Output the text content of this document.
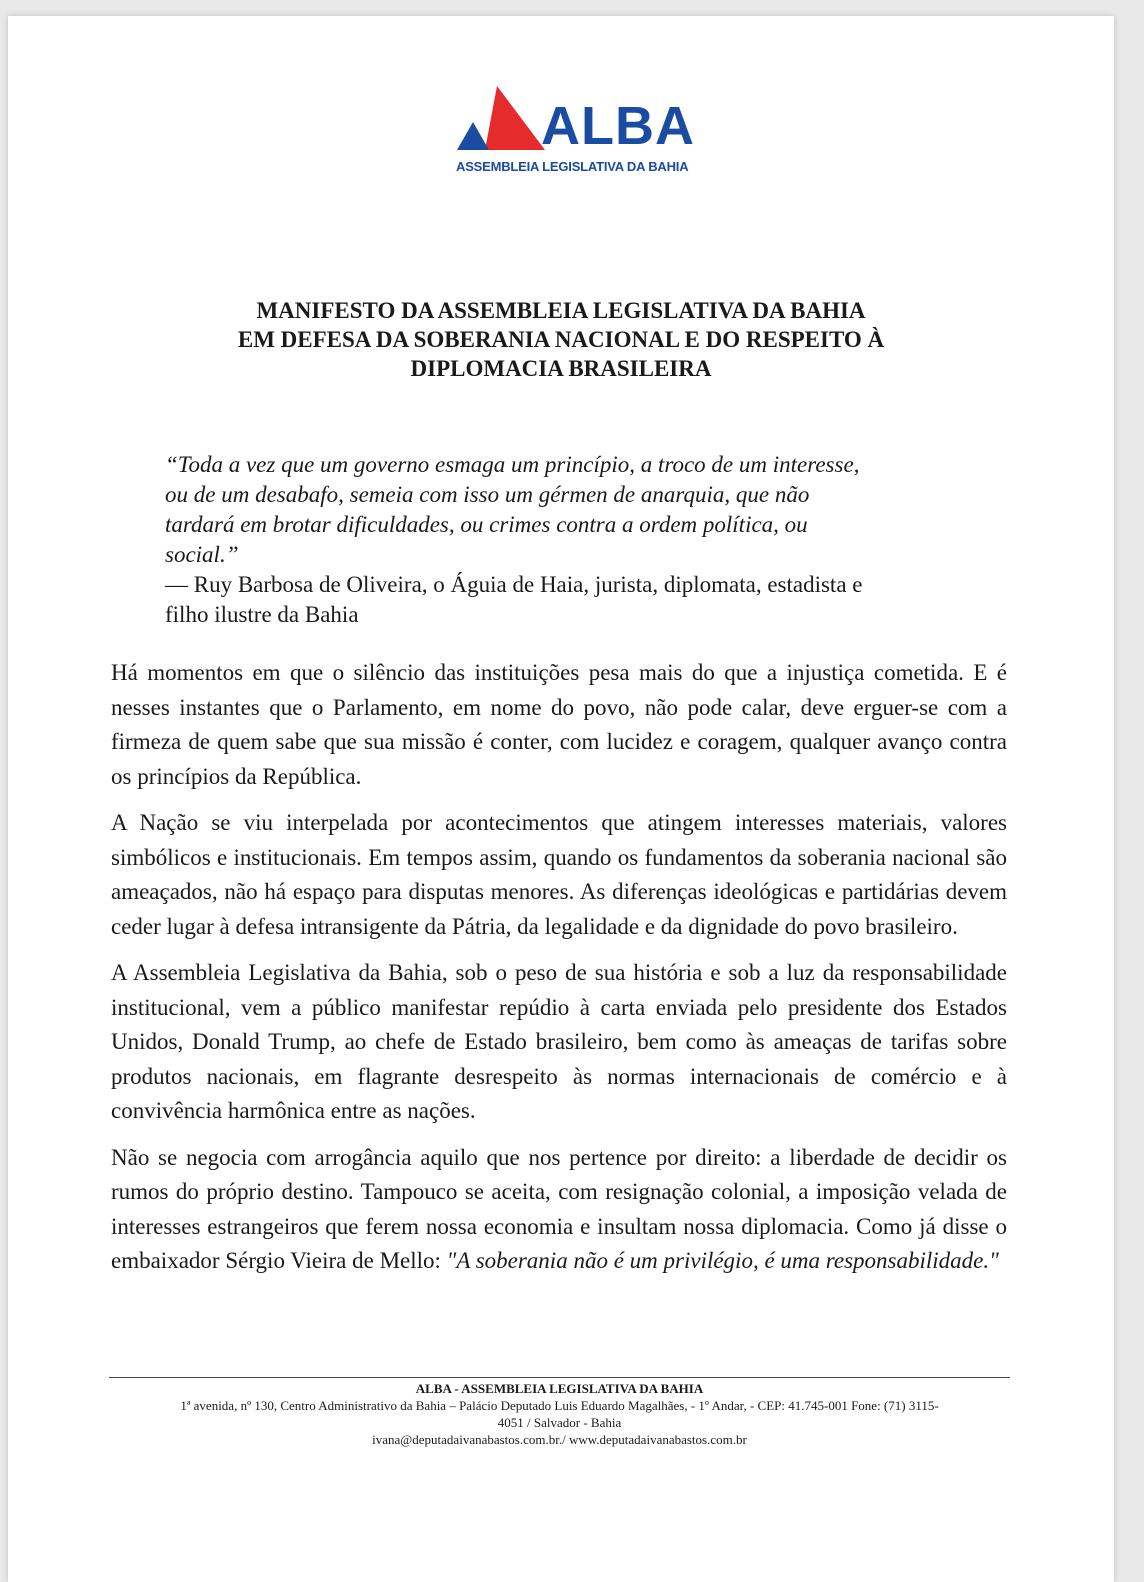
ALBA
ASSEMBLEIA LEGISLATIVA DA BAHIA
MANIFESTO DA ASSEMBLEIA LEGISLATIVA DA BAHIA
EM DEFESA DA SOBERANIA NACIONAL E DO RESPEITO À
DIPLOMACIA BRASILEIRA
“Toda a vez que um governo esmaga um princípio, a troco de um interesse,
ou de um desabafo, semeia com isso um gérmen de anarquia, que não
tardará em brotar dificuldades, ou crimes contra a ordem política, ou
social.”
— Ruy Barbosa de Oliveira, o Águia de Haia, jurista, diplomata, estadista e
filho ilustre da Bahia

Há momentos em que o silêncio das instituições pesa mais do que a injustiça cometida. E é nesses instantes que o Parlamento, em nome do povo, não pode calar, deve erguer-se com a firmeza de quem sabe que sua missão é conter, com lucidez e coragem, qualquer avanço contra os princípios da República.

A Nação se viu interpelada por acontecimentos que atingem interesses materiais, valores simbólicos e institucionais. Em tempos assim, quando os fundamentos da soberania nacional são ameaçados, não há espaço para disputas menores. As diferenças ideológicas e partidárias devem ceder lugar à defesa intransigente da Pátria, da legalidade e da dignidade do povo brasileiro.

A Assembleia Legislativa da Bahia, sob o peso de sua história e sob a luz da responsabilidade institucional, vem a público manifestar repúdio à carta enviada pelo presidente dos Estados Unidos, Donald Trump, ao chefe de Estado brasileiro, bem como às ameaças de tarifas sobre produtos nacionais, em flagrante desrespeito às normas internacionais de comércio e à convivência harmônica entre as nações.

Não se negocia com arrogância aquilo que nos pertence por direito: a liberdade de decidir os rumos do próprio destino. Tampouco se aceita, com resignação colonial, a imposição velada de interesses estrangeiros que ferem nossa economia e insultam nossa diplomacia. Como já disse o embaixador Sérgio Vieira de Mello: "A soberania não é um privilégio, é uma responsabilidade."

ALBA - ASSEMBLEIA LEGISLATIVA DA BAHIA
1ª avenida, nº 130, Centro Administrativo da Bahia – Palácio Deputado Luis Eduardo Magalhães, - 1º Andar, - CEP: 41.745-001 Fone: (71) 3115-
4051 / Salvador - Bahia
ivana@deputadaivanabastos.com.br./ www.deputadaivanabastos.com.br
